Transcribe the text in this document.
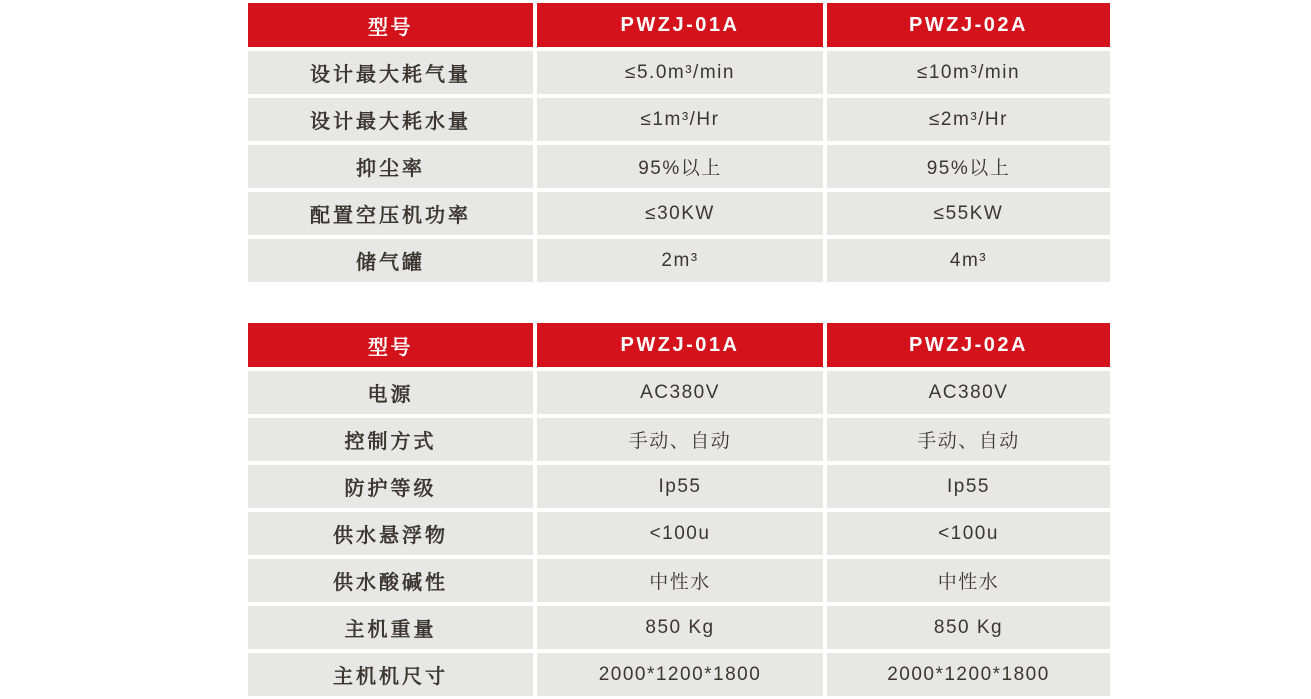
型号	PWZJ-01A	PWZJ-02A
设计最大耗气量	≤5.0m³/min	≤10m³/min
设计最大耗水量	≤1m³/Hr	≤2m³/Hr
抑尘率	95%以上	95%以上
配置空压机功率	≤30KW	≤55KW
储气罐	2m³	4m³
型号	PWZJ-01A	PWZJ-02A
电源	AC380V	AC380V
控制方式	手动、自动	手动、自动
防护等级	Ip55	Ip55
供水悬浮物	<100u	<100u
供水酸碱性	中性水	中性水
主机重量	850 Kg	850 Kg
主机机尺寸	2000*1200*1800	2000*1200*1800
